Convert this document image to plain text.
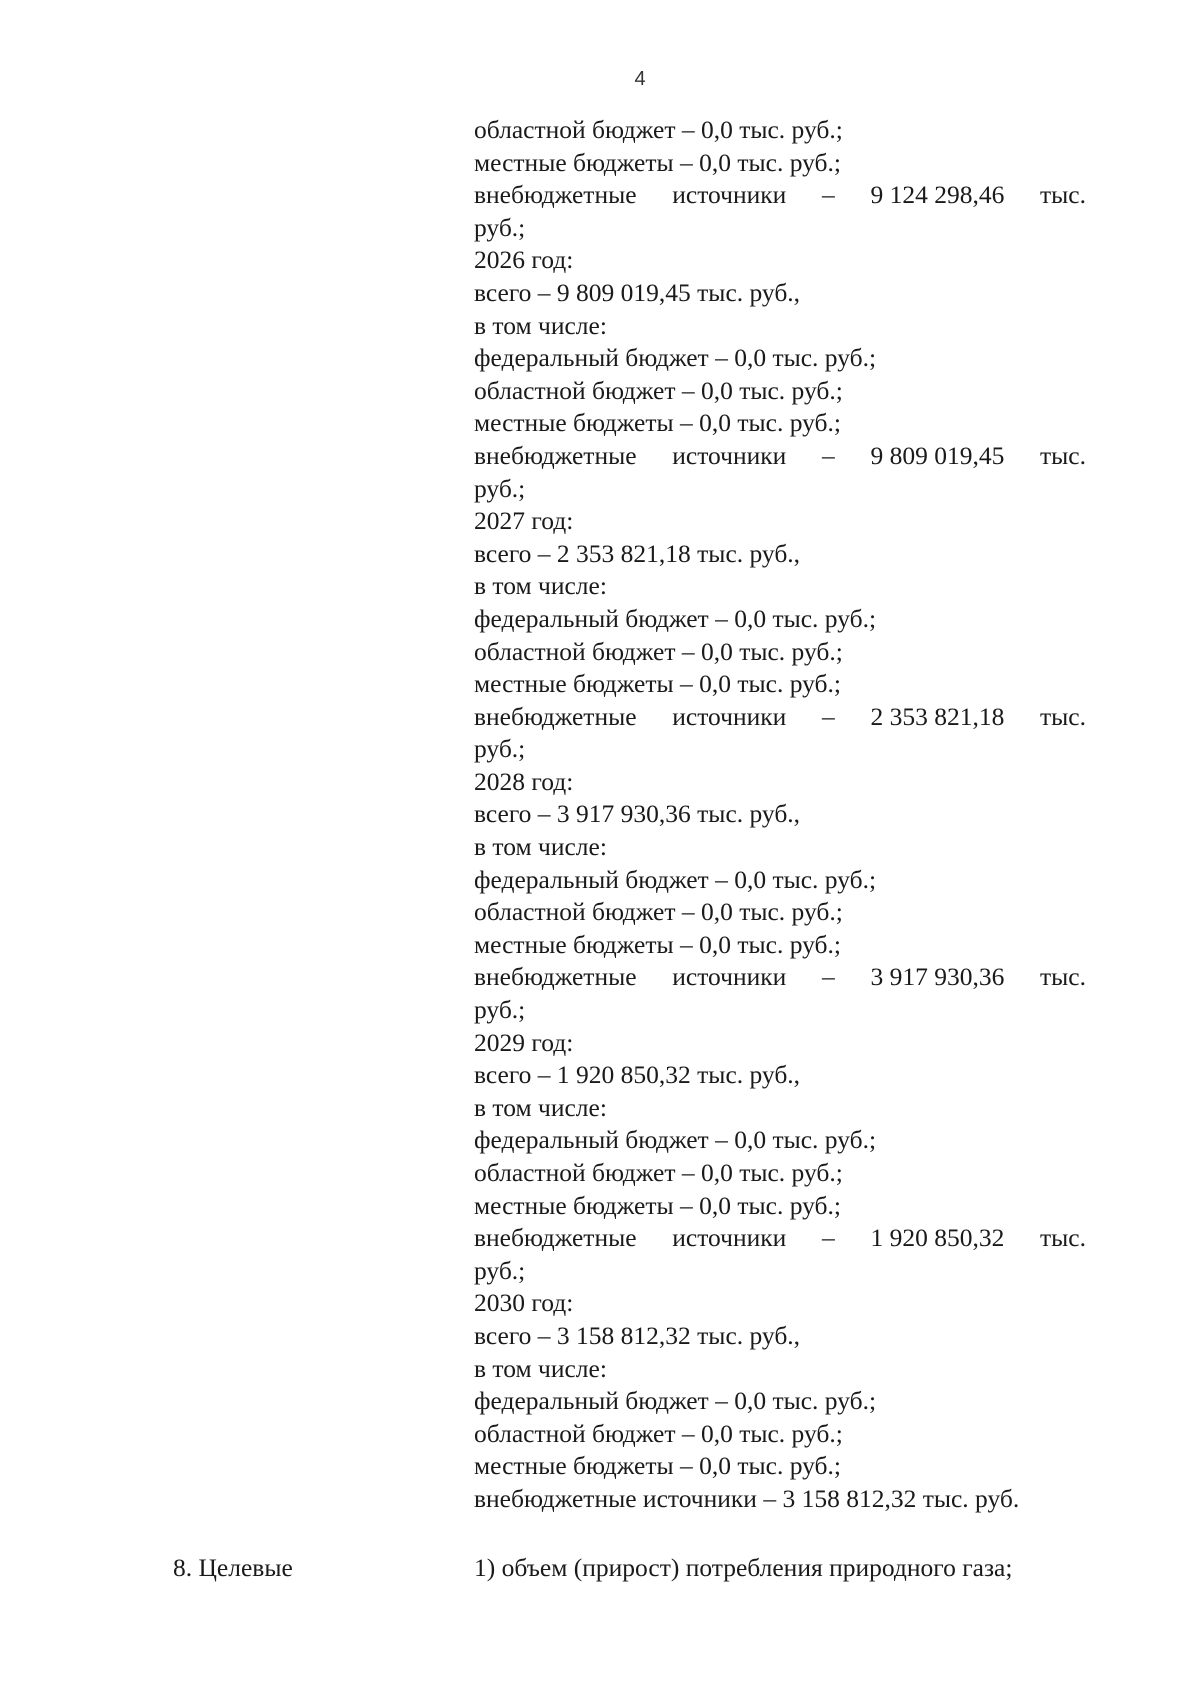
4
областной бюджет – 0,0 тыс. руб.;
местные бюджеты – 0,0 тыс. руб.;
внебюджетные источники – 9 124 298,46 тыс.
руб.;
2026 год:
всего – 9 809 019,45 тыс. руб.,
в том числе:
федеральный бюджет – 0,0 тыс. руб.;
областной бюджет – 0,0 тыс. руб.;
местные бюджеты – 0,0 тыс. руб.;
внебюджетные источники – 9 809 019,45 тыс.
руб.;
2027 год:
всего – 2 353 821,18 тыс. руб.,
в том числе:
федеральный бюджет – 0,0 тыс. руб.;
областной бюджет – 0,0 тыс. руб.;
местные бюджеты – 0,0 тыс. руб.;
внебюджетные источники – 2 353 821,18 тыс.
руб.;
2028 год:
всего – 3 917 930,36 тыс. руб.,
в том числе:
федеральный бюджет – 0,0 тыс. руб.;
областной бюджет – 0,0 тыс. руб.;
местные бюджеты – 0,0 тыс. руб.;
внебюджетные источники – 3 917 930,36 тыс.
руб.;
2029 год:
всего – 1 920 850,32 тыс. руб.,
в том числе:
федеральный бюджет – 0,0 тыс. руб.;
областной бюджет – 0,0 тыс. руб.;
местные бюджеты – 0,0 тыс. руб.;
внебюджетные источники – 1 920 850,32 тыс.
руб.;
2030 год:
всего – 3 158 812,32 тыс. руб.,
в том числе:
федеральный бюджет – 0,0 тыс. руб.;
областной бюджет – 0,0 тыс. руб.;
местные бюджеты – 0,0 тыс. руб.;
внебюджетные источники – 3 158 812,32 тыс. руб.
8. Целевые	1) объем (прирост) потребления природного газа;
